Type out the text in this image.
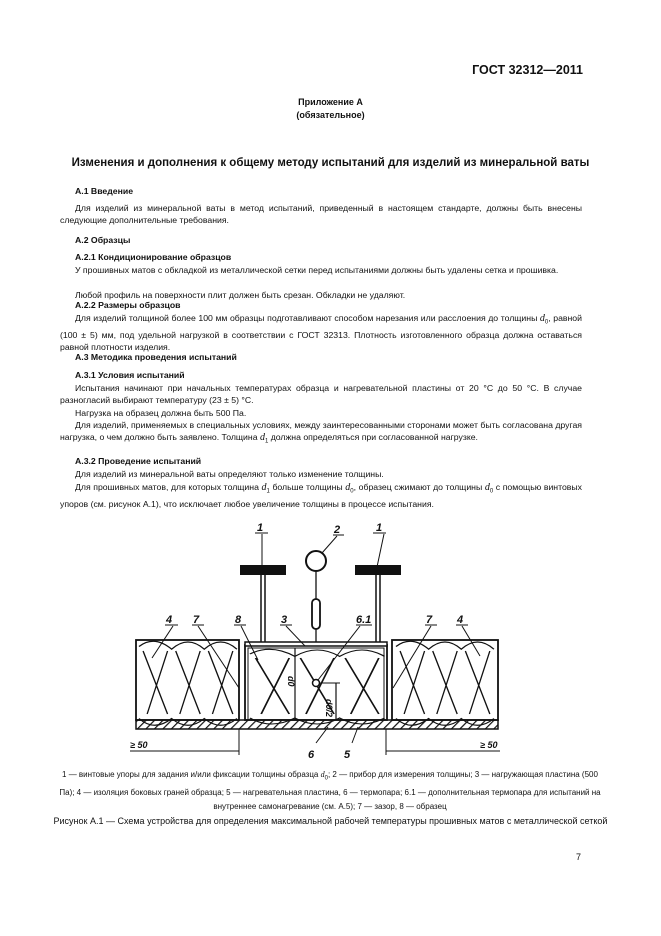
ГОСТ 32312—2011
Приложение А
(обязательное)
Изменения и дополнения к общему методу испытаний для изделий из минеральной ваты
А.1 Введение
Для изделий из минеральной ваты в метод испытаний, приведенный в настоящем стандарте, должны быть внесены следующие дополнительные требования.
А.2 Образцы
А.2.1 Кондиционирование образцов
У прошивных матов с обкладкой из металлической сетки перед испытаниями должны быть удалены сетка и прошивка.
Любой профиль на поверхности плит должен быть срезан. Обкладки не удаляют.
А.2.2 Размеры образцов
Для изделий толщиной более 100 мм образцы подготавливают способом нарезания или расслоения до толщины $d_0$, равной (100 ± 5) мм, под удельной нагрузкой в соответствии с ГОСТ 32313. Плотность изготовленного образца должна оставаться равной плотности изделия.
А.3 Методика проведения испытаний
А.3.1 Условия испытаний
Испытания начинают при начальных температурах образца и нагревательной пластины от 20 °С до 50 °С. В случае разногласий выбирают температуру (23 ± 5) °С.
Нагрузка на образец должна быть 500 Па.
Для изделий, применяемых в специальных условиях, между заинтересованными сторонами может быть согласована другая нагрузка, о чем должно быть заявлено. Толщина $d_1$ должна определяться при согласованной нагрузке.
А.3.2 Проведение испытаний
Для изделий из минеральной ваты определяют только изменение толщины.
Для прошивных матов, для которых толщина $d_1$ больше толщины $d_0$, образец сжимают до толщины $d_0$ с помощью винтовых упоров (см. рисунок А.1), что исключает любое увеличение толщины в процессе испытания.
1	1
2
4 7	8	3	6.1	7 4
6	5
≥ 50	≥ 50
d0
d0/2
1 — винтовые упоры для задания и/или фиксации толщины образца $d_0$; 2 — прибор для измерения толщины; 3 — нагружающая пластина (500 Па); 4 — изоляция боковых граней образца; 5 — нагревательная пластина, 6 — термопара; 6.1 — дополнительная термопара для испытаний на внутреннее самонагревание (см. А.5); 7 — зазор, 8 — образец
Рисунок А.1 — Схема устройства для определения максимальной рабочей температуры прошивных матов с металлической сеткой
7
